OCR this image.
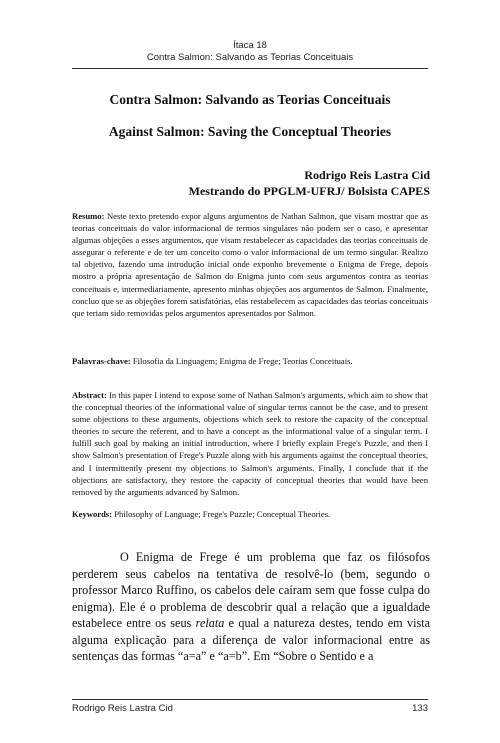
Ítaca 18
Contra Salmon: Salvando as Teorias Conceituais
Contra Salmon: Salvando as Teorias Conceituais
Against Salmon: Saving the Conceptual Theories
Rodrigo Reis Lastra Cid
Mestrando do PPGLM-UFRJ/ Bolsista CAPES
Resumo: Neste texto pretendo expor alguns argumentos de Nathan Salmon, que visam mostrar que as teorias conceituais do valor informacional de termos singulares não podem ser o caso, e apresentar algumas objeções a esses argumentos, que visam restabelecer as capacidades das teorias conceituais de assegurar o referente e de ter um conceito como o valor informacional de um termo singular. Realizo tal objetivo, fazendo uma introdução inicial onde exponho brevemente o Enigma de Frege, depois mostro a própria apresentação de Salmon do Enigma junto com seus argumentos contra as teorias conceituais e, intermediariamente, apresento minhas objeções aos argumentos de Salmon. Finalmente, concluo que se as objeções forem satisfatórias, elas restabelecem as capacidades das teorias conceituais que teriam sido removidas pelos argumentos apresentados por Salmon.
Palavras-chave: Filosofia da Linguagem; Enigma de Frege; Teorias Conceituais.
Abstract: In this paper I intend to expose some of Nathan Salmon's arguments, which aim to show that the conceptual theories of the informational value of singular terms cannot be the case, and to present some objections to these arguments, objections which seek to restore the capacity of the conceptual theories to secure the referent, and to have a concept as the informational value of a singular term. I fulfill such goal by making an initial introduction, where I briefly explain Frege's Puzzle, and then I show Salmon's presentation of Frege's Puzzle along with his arguments against the conceptual theories, and I intermittently present my objections to Salmon's arguments. Finally, I conclude that if the objections are satisfactory, they restore the capacity of conceptual theories that would have been removed by the arguments advanced by Salmon.
Keywords: Philosophy of Language; Frege's Puzzle; Conceptual Theories.
O Enigma de Frege é um problema que faz os filósofos perderem seus cabelos na tentativa de resolvê-lo (bem, segundo o professor Marco Ruffino, os cabelos dele caíram sem que fosse culpa do enigma). Ele é o problema de descobrir qual a relação que a igualdade estabelece entre os seus relata e qual a natureza destes, tendo em vista alguma explicação para a diferença de valor informacional entre as sentenças das formas “a=a” e “a=b”. Em “Sobre o Sentido e a
Rodrigo Reis Lastra Cid	133
